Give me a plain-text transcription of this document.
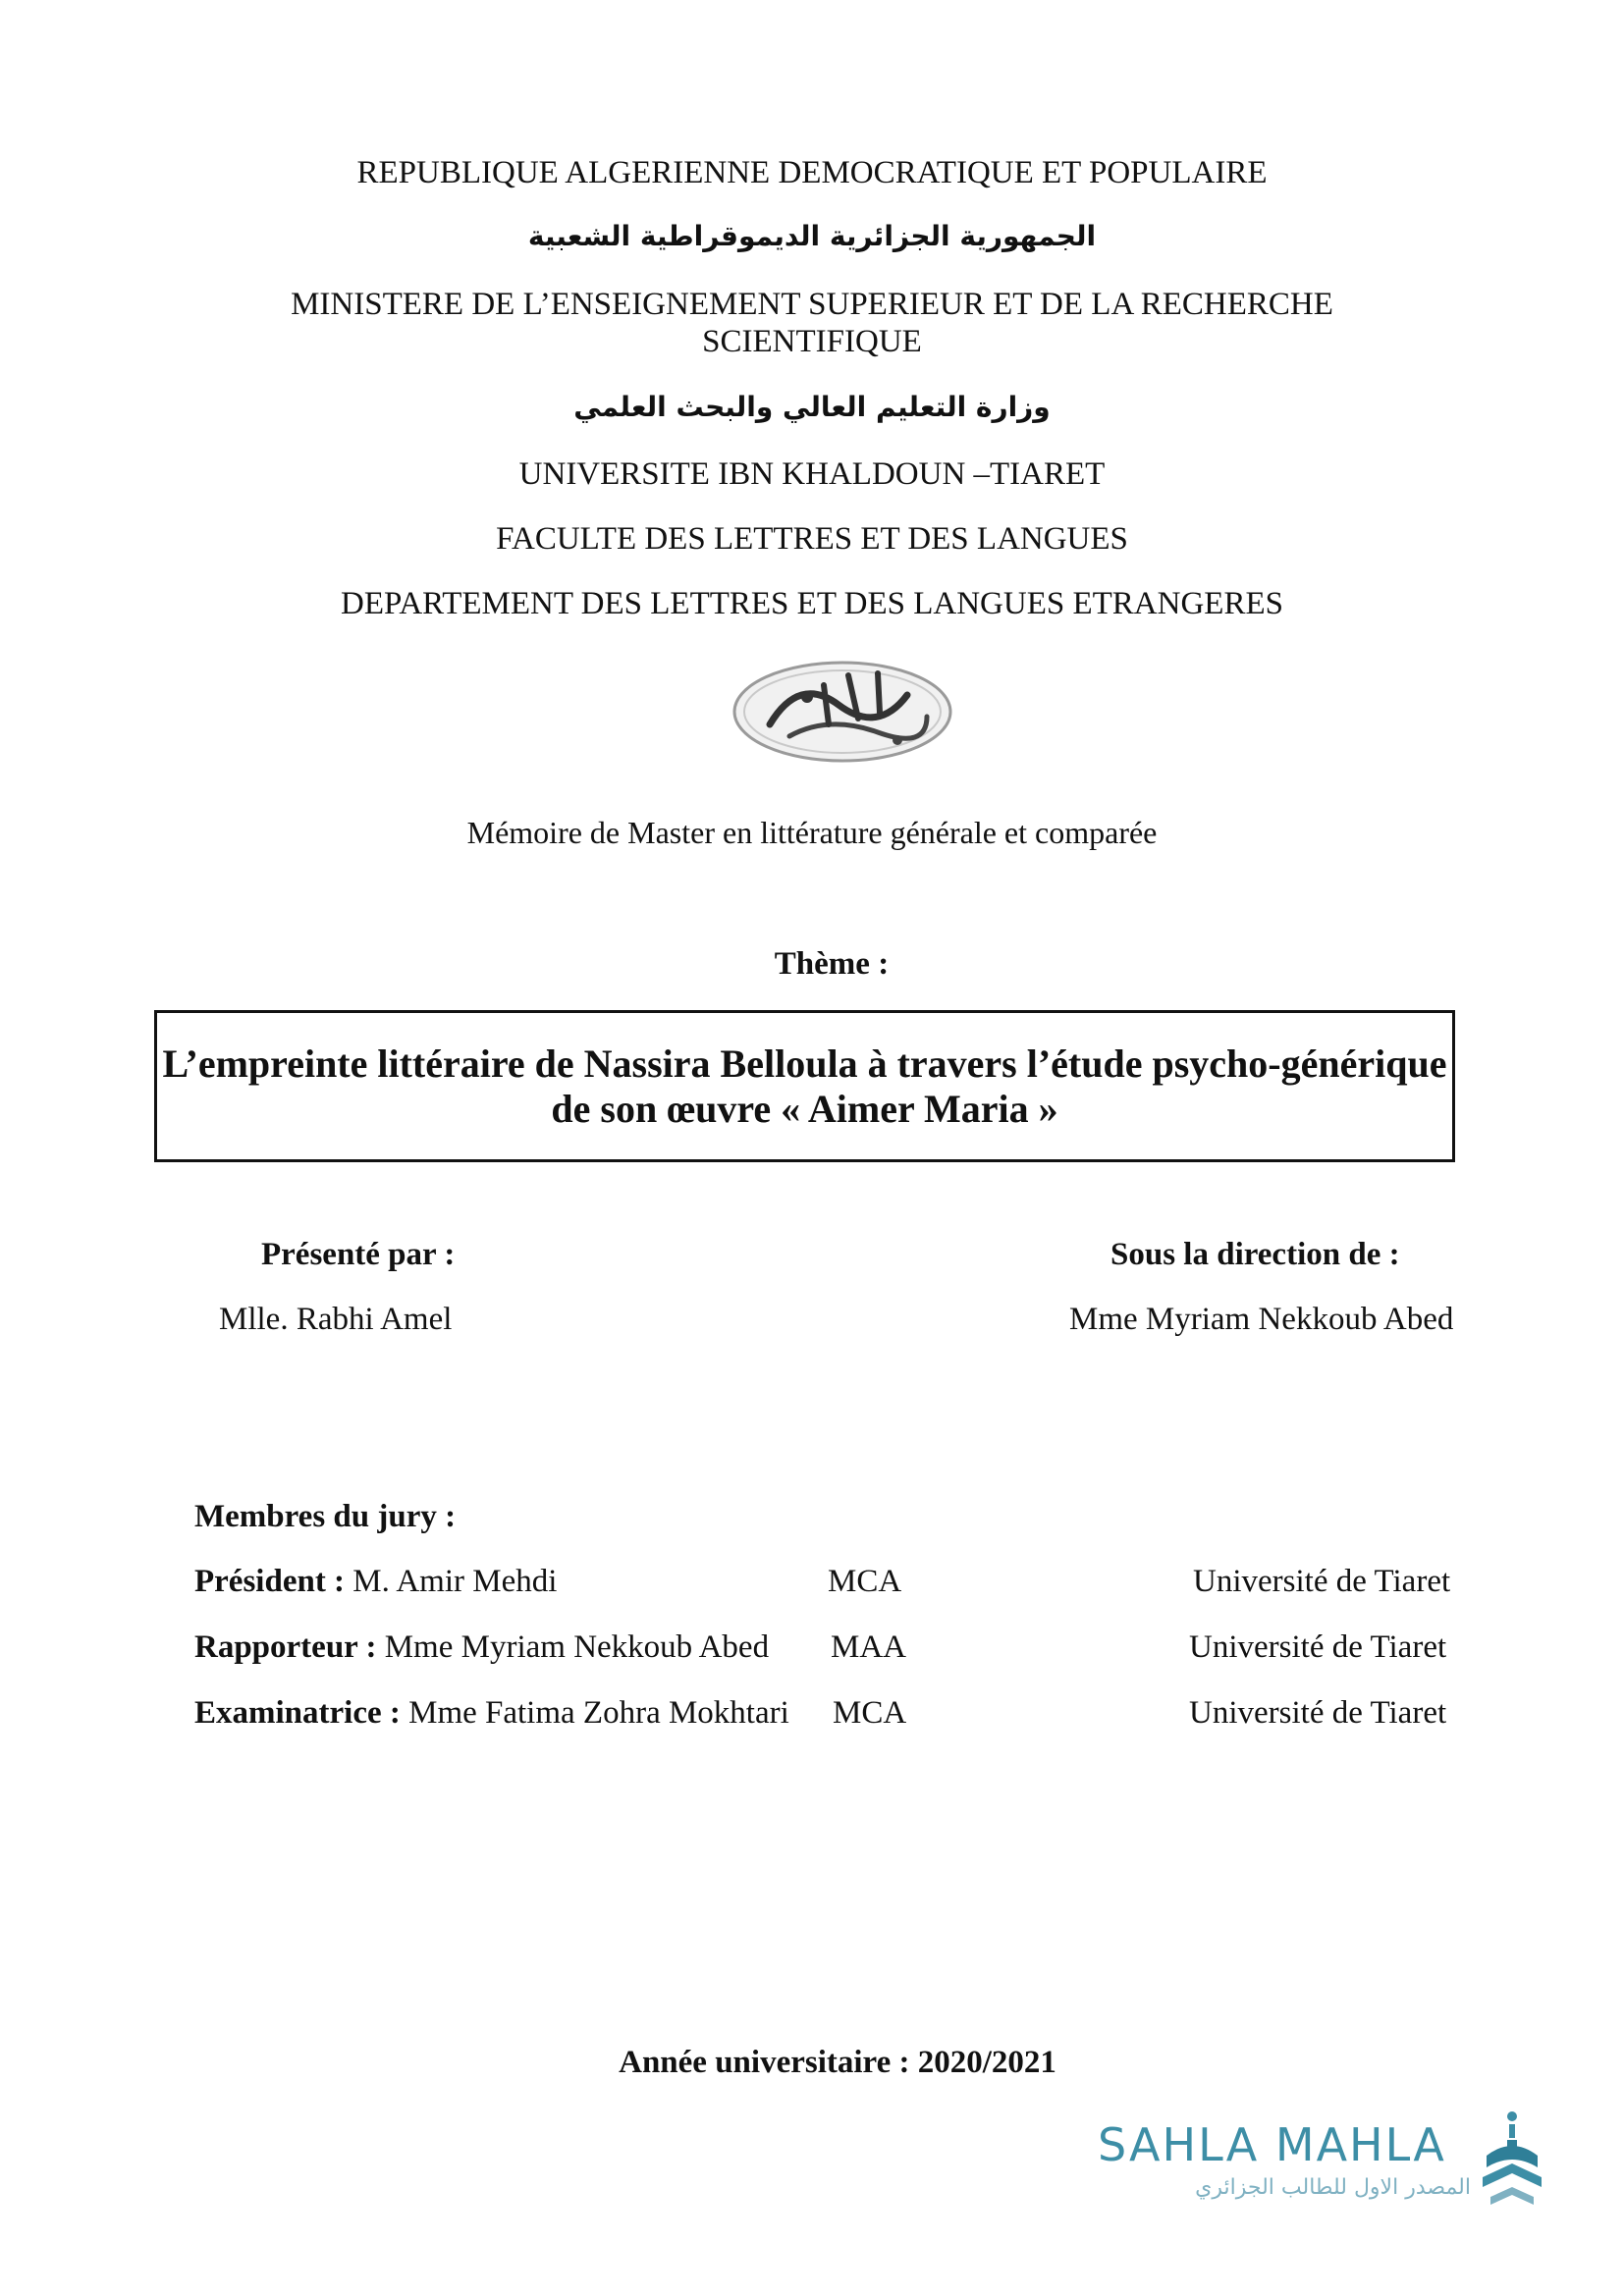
REPUBLIQUE ALGERIENNE DEMOCRATIQUE ET POPULAIRE
الجمهورية الجزائرية الديموقراطية الشعبية
MINISTERE DE L’ENSEIGNEMENT SUPERIEUR ET DE LA RECHERCHE
SCIENTIFIQUE
وزارة التعليم العالي والبحث العلمي
UNIVERSITE IBN KHALDOUN –TIARET
FACULTE DES LETTRES ET DES LANGUES
DEPARTEMENT DES LETTRES ET DES LANGUES ETRANGERES
Mémoire de Master en littérature générale et comparée
Thème :
L’empreinte littéraire de Nassira Belloula à travers l’étude psycho-générique
de son œuvre « Aimer Maria »
Présenté par :
Mlle. Rabhi Amel
Sous la direction de :
Mme Myriam Nekkoub Abed
Membres du jury :
Président : M. Amir Mehdi	MCA	Université de Tiaret
Rapporteur : Mme Myriam Nekkoub Abed MAA	Université de Tiaret
Examinatrice : Mme Fatima Zohra Mokhtari MCA	Université de Tiaret
Année universitaire : 2020/2021
SAHLA MAHLA
المصدر الاول للطالب الجزائري
